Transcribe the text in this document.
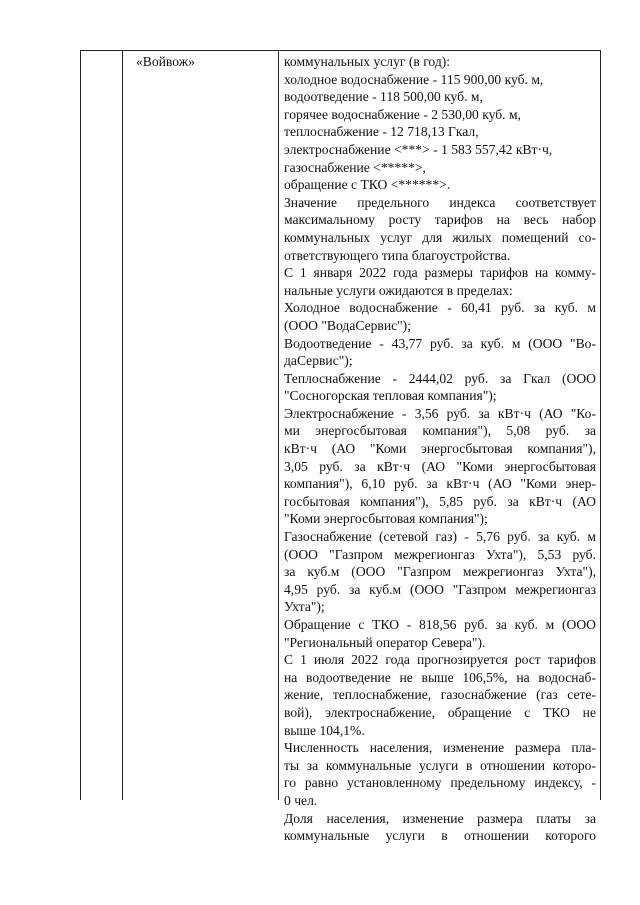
«Войвож»	коммунальных услуг (в год):
холодное водоснабжение - 115 900,00 куб. м,
водоотведение - 118 500,00 куб. м,
горячее водоснабжение - 2 530,00 куб. м,
теплоснабжение - 12 718,13 Гкал,
электроснабжение <***> - 1 583 557,42 кВт·ч,
газоснабжение <*****>,
обращение с ТКО <******>.
Значение предельного индекса соответствует
максимальному росту тарифов на весь набор
коммунальных услуг для жилых помещений со-
ответствующего типа благоустройства.
С 1 января 2022 года размеры тарифов на комму-
нальные услуги ожидаются в пределах:
Холодное водоснабжение - 60,41 руб. за куб. м
(ООО "ВодаСервис");
Водоотведение - 43,77 руб. за куб. м (ООО "Во-
даСервис");
Теплоснабжение - 2444,02 руб. за Гкал (ООО
"Сосногорская тепловая компания");
Электроснабжение - 3,56 руб. за кВт·ч (АО "Ко-
ми энергосбытовая компания"), 5,08 руб. за
кВт·ч (АО "Коми энергосбытовая компания"),
3,05 руб. за кВт·ч (АО "Коми энергосбытовая
компания"), 6,10 руб. за кВт·ч (АО "Коми энер-
госбытовая компания"), 5,85 руб. за кВт·ч (АО
"Коми энергосбытовая компания");
Газоснабжение (сетевой газ) - 5,76 руб. за куб. м
(ООО "Газпром межрегионгаз Ухта"), 5,53 руб.
за куб.м (ООО "Газпром межрегионгаз Ухта"),
4,95 руб. за куб.м (ООО "Газпром межрегионгаз
Ухта");
Обращение с ТКО - 818,56 руб. за куб. м (ООО
"Региональный оператор Севера").
С 1 июля 2022 года прогнозируется рост тарифов
на водоотведение не выше 106,5%, на водоснаб-
жение, теплоснабжение, газоснабжение (газ сете-
вой), электроснабжение, обращение с ТКО не
выше 104,1%.
Численность населения, изменение размера пла-
ты за коммунальные услуги в отношении которо-
го равно установленному предельному индексу, -
0 чел.
Доля населения, изменение размера платы за
коммунальные услуги в отношении которого
